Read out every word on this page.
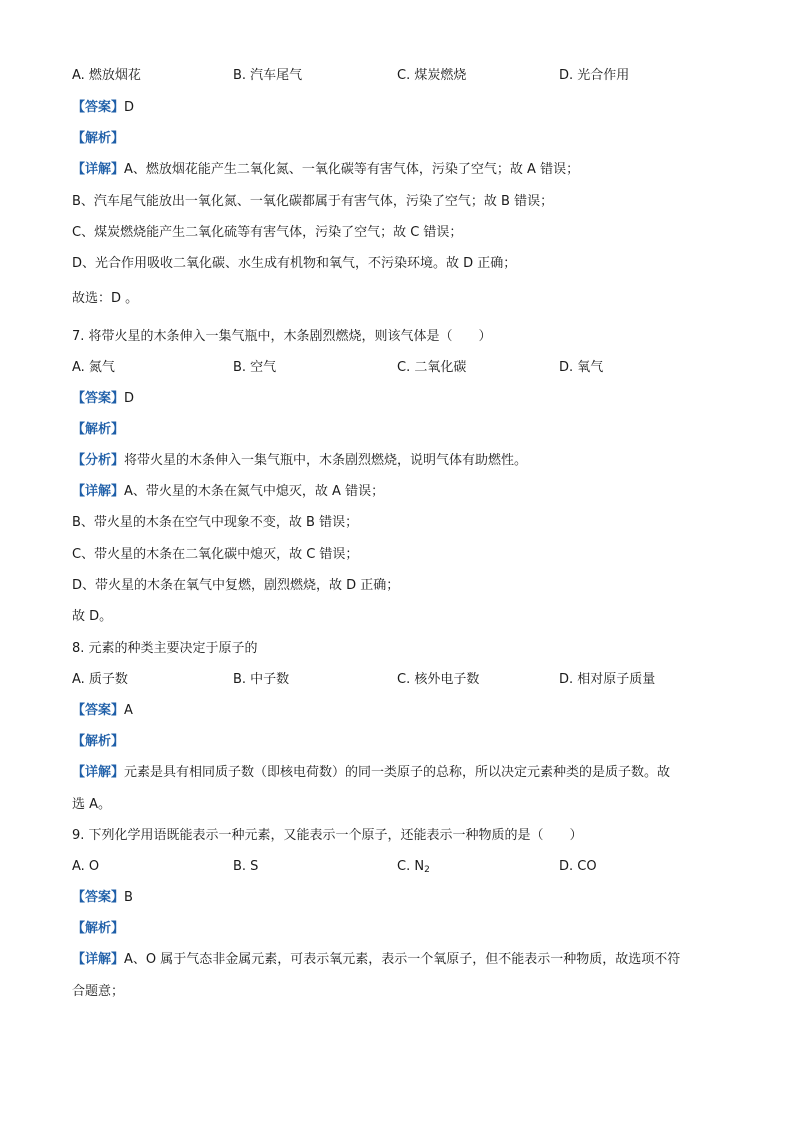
A. 燃放烟花	B. 汽车尾气	C. 煤炭燃烧	D. 光合作用
【答案】D
【解析】
【详解】A、燃放烟花能产生二氧化氮、一氧化碳等有害气体，污染了空气；故 A 错误；
B、汽车尾气能放出一氧化氮、一氧化碳都属于有害气体，污染了空气；故 B 错误；
C、煤炭燃烧能产生二氧化硫等有害气体，污染了空气；故 C 错误；
D、光合作用吸收二氧化碳、水生成有机物和氧气，不污染环境。故 D 正确；
故选：D 。
7. 将带火星的木条伸入一集气瓶中，木条剧烈燃烧，则该气体是（　　）
A. 氮气	B. 空气	C. 二氧化碳	D. 氧气
【答案】D
【解析】
【分析】将带火星的木条伸入一集气瓶中，木条剧烈燃烧，说明气体有助燃性。
【详解】A、带火星的木条在氮气中熄灭，故 A 错误；
B、带火星的木条在空气中现象不变，故 B 错误；
C、带火星的木条在二氧化碳中熄灭，故 C 错误；
D、带火星的木条在氧气中复燃，剧烈燃烧，故 D 正确；
故 D。
8. 元素的种类主要决定于原子的
A. 质子数	B. 中子数	C. 核外电子数	D. 相对原子质量
【答案】A
【解析】
【详解】元素是具有相同质子数（即核电荷数）的同一类原子的总称，所以决定元素种类的是质子数。故
选 A。
9. 下列化学用语既能表示一种元素，又能表示一个原子，还能表示一种物质的是（　　）
A. O	B. S	C. $N_2$	D. CO
【答案】B
【解析】
【详解】A、O 属于气态非金属元素，可表示氧元素，表示一个氧原子，但不能表示一种物质，故选项不符
合题意；
